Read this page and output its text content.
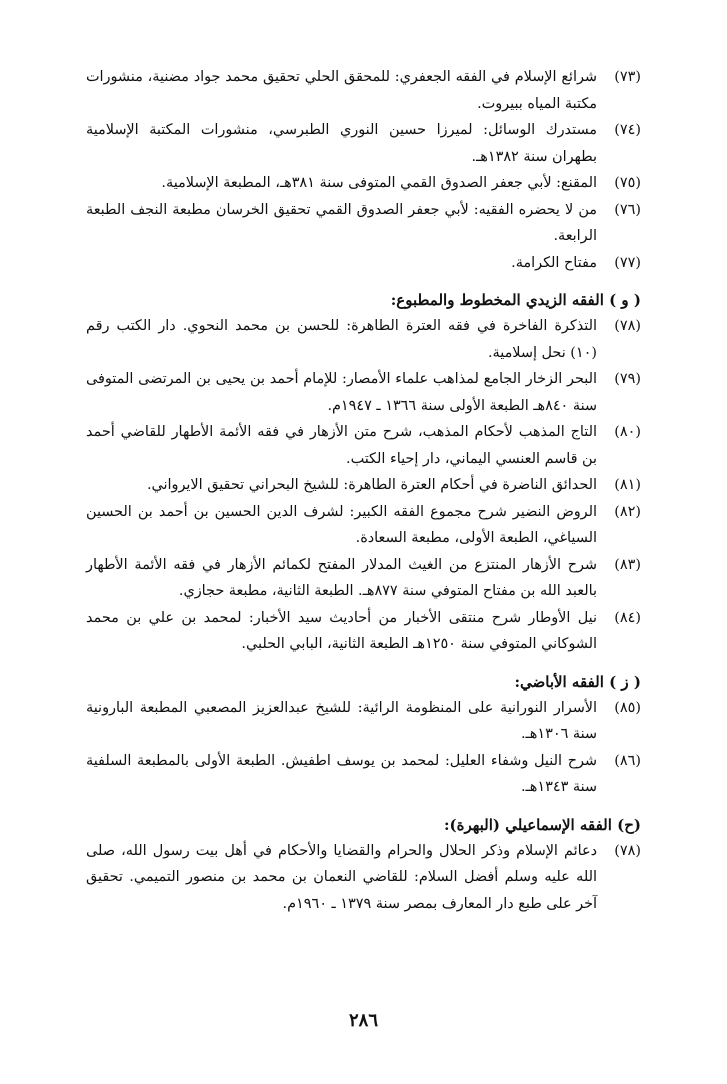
(٧٣)
شرائع الإسلام في الفقه الجعفري: للمحقق الحلي تحقيق محمد جواد مضنية، منشورات مكتبة المياه ببيروت.
(٧٤)
مستدرك الوسائل: لميرزا حسين النوري الطبرسي، منشورات المكتبة الإسلامية بطهران سنة ١٣٨٢هـ.
(٧٥)
المقنع: لأبي جعفر الصدوق القمي المتوفى سنة ٣٨١هـ، المطبعة الإسلامية.
(٧٦)
من لا يحضره الفقيه: لأبي جعفر الصدوق القمي تحقيق الخرسان مطبعة النجف الطبعة الرابعة.
(٧٧)
مفتاح الكرامة.
( و ) الفقه الزيدي المخطوط والمطبوع:
(٧٨)
التذكرة الفاخرة في فقه العترة الطاهرة: للحسن بن محمد النحوي. دار الكتب رقم (١٠) نحل إسلامية.
(٧٩)
البحر الزخار الجامع لمذاهب علماء الأمصار: للإمام أحمد بن يحيى بن المرتضى المتوفى سنة ٨٤٠هـ الطبعة الأولى سنة ١٣٦٦ ـ ١٩٤٧م.
(٨٠)
التاج المذهب لأحكام المذهب، شرح متن الأزهار في فقه الأئمة الأطهار للقاضي أحمد بن قاسم العنسي اليماني، دار إحياء الكتب.
(٨١)
الحدائق الناضرة في أحكام العترة الطاهرة: للشيخ البحراني تحقيق الايرواني.
(٨٢)
الروض النضير شرح مجموع الفقه الكبير: لشرف الدين الحسين بن أحمد بن الحسين السياغي، الطبعة الأولى، مطبعة السعادة.
(٨٣)
شرح الأزهار المنتزع من الغيث المدلار المفتح لكمائم الأزهار في فقه الأئمة الأطهار بالعبد الله بن مفتاح المتوفي سنة ٨٧٧هـ. الطبعة الثانية، مطبعة حجازي.
(٨٤)
نيل الأوطار شرح منتقى الأخبار من أحاديث سيد الأخبار: لمحمد بن علي بن محمد الشوكاني المتوفي سنة ١٢٥٠هـ الطبعة الثانية، البابي الحلبي.
( ز ) الفقه الأباضي:
(٨٥)
الأسرار النورانية على المنظومة الرائية: للشيخ عبدالعزيز المصعبي المطبعة البارونية سنة ١٣٠٦هـ.
(٨٦)
شرح النيل وشفاء العليل: لمحمد بن يوسف اطفيش. الطبعة الأولى بالمطبعة السلفية سنة ١٣٤٣هـ.
(ح) الفقه الإسماعيلي (البهرة):
(٧٨)
دعائم الإسلام وذكر الحلال والحرام والقضايا والأحكام في أهل بيت رسول الله، صلى الله عليه وسلم أفضل السلام: للقاضي النعمان بن محمد بن منصور التميمي. تحقيق آخر على طبع دار المعارف بمصر سنة ١٣٧٩ ـ ١٩٦٠م.
٢٨٦
